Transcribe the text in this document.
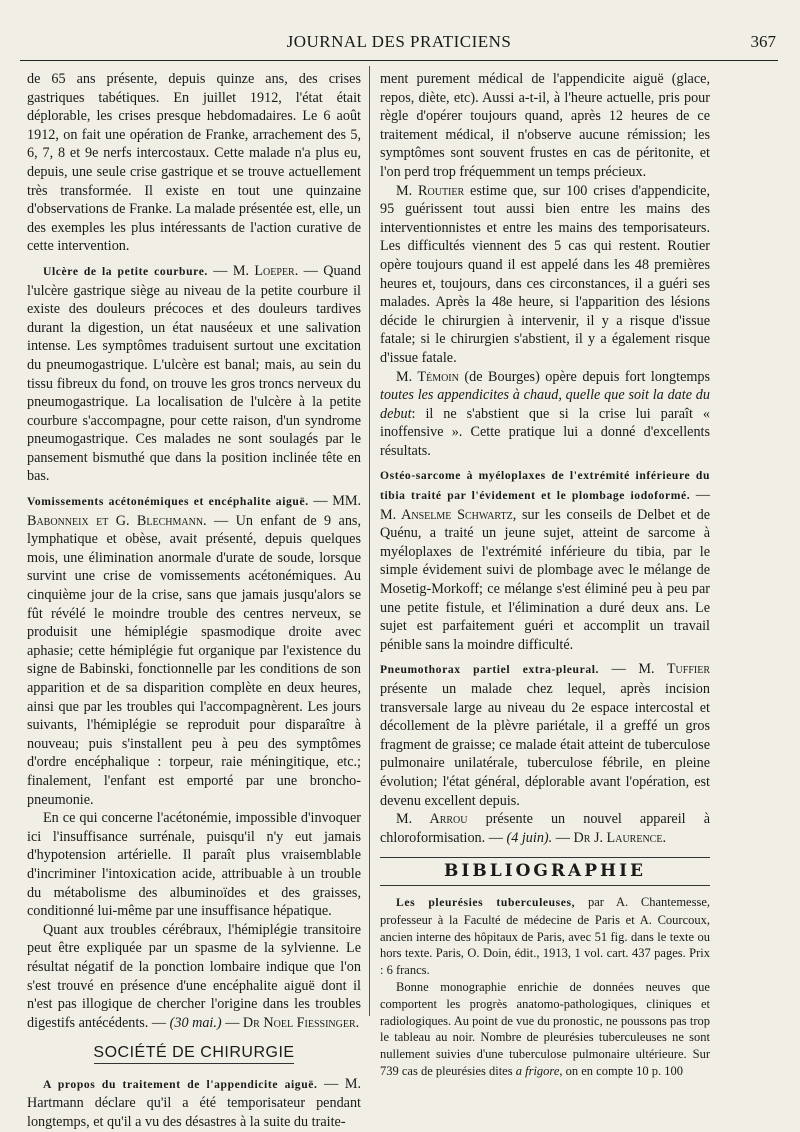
JOURNAL DES PRATICIENS	367

de 65 ans présente, depuis quinze ans, des crises gastriques tabétiques. En juillet 1912, l'état était déplorable, les crises presque hebdomadaires. Le 6 août 1912, on fait une opération de Franke, arrachement des 5, 6, 7, 8 et 9e nerfs intercostaux. Cette malade n'a plus eu, depuis, une seule crise gastrique et se trouve actuellement très transformée. Il existe en tout une quinzaine d'observations de Franke. La malade présentée est, elle, un des exemples les plus intéressants de l'action curative de cette intervention.

Ulcère de la petite courbure. — M. Loeper. — Quand l'ulcère gastrique siège au niveau de la petite courbure il existe des douleurs précoces et des douleurs tardives durant la digestion, un état nauséeux et une salivation intense. Les symptômes traduisent surtout une excitation du pneumogastrique. L'ulcère est banal; mais, au sein du tissu fibreux du fond, on trouve les gros troncs nerveux du pneumogastrique. La localisation de l'ulcère à la petite courbure s'accompagne, pour cette raison, d'un syndrome pneumogastrique. Ces malades ne sont soulagés par le pansement bismuthé que dans la position inclinée tête en bas.

Vomissements acétonémiques et encéphalite aiguë. — MM. Babonneix et G. Blechmann. — Un enfant de 9 ans, lymphatique et obèse, avait présenté, depuis quelques mois, une élimination anormale d'urate de soude, lorsque survint une crise de vomissements acétonémiques. Au cinquième jour de la crise, sans que jamais jusqu'alors se fût révélé le moindre trouble des centres nerveux, se produisit une hémiplégie spasmodique droite avec aphasie; cette hémiplégie fut organique par l'existence du signe de Babinski, fonctionnelle par les conditions de son apparition et de sa disparition complète en deux heures, ainsi que par les troubles qui l'accompagnèrent. Les jours suivants, l'hémiplégie se reproduit pour disparaître à nouveau; puis s'installent peu à peu des symptômes d'ordre encéphalique : torpeur, raie méningitique, etc.; finalement, l'enfant est emporté par une broncho-pneumonie.

En ce qui concerne l'acétonémie, impossible d'invoquer ici l'insuffisance surrénale, puisqu'il n'y eut jamais d'hypotension artérielle. Il paraît plus vraisemblable d'incriminer l'intoxication acide, attribuable à un trouble du métabolisme des albuminoïdes et des graisses, conditionné lui-même par une insuffisance hépatique.

Quant aux troubles cérébraux, l'hémiplégie transitoire peut être expliquée par un spasme de la sylvienne. Le résultat négatif de la ponction lombaire indique que l'on s'est trouvé en présence d'une encéphalite aiguë dont il n'est pas illogique de chercher l'origine dans les troubles digestifs antécédents. — (30 mai.) — Dr Noel Fiessinger.

SOCIÉTÉ DE CHIRURGIE

A propos du traitement de l'appendicite aiguë. — M. Hartmann déclare qu'il a été temporisateur pendant longtemps, et qu'il a vu des désastres à la suite du traite-

ment purement médical de l'appendicite aiguë (glace, repos, diète, etc). Aussi a-t-il, à l'heure actuelle, pris pour règle d'opérer toujours quand, après 12 heures de ce traitement médical, il n'observe aucune rémission; les symptômes sont souvent frustes en cas de péritonite, et l'on perd trop fréquemment un temps précieux.

M. Routier estime que, sur 100 crises d'appendicite, 95 guérissent tout aussi bien entre les mains des interventionnistes et entre les mains des temporisateurs. Les difficultés viennent des 5 cas qui restent. Routier opère toujours quand il est appelé dans les 48 premières heures et, toujours, dans ces circonstances, il a guéri ses malades. Après la 48e heure, si l'apparition des lésions décide le chirurgien à intervenir, il y a risque d'issue fatale; si le chirurgien s'abstient, il y a également risque d'issue fatale.

M. Témoin (de Bourges) opère depuis fort longtemps toutes les appendicites à chaud, quelle que soit la date du debut: il ne s'abstient que si la crise lui paraît « inoffensive ». Cette pratique lui a donné d'excellents résultats.

Ostéo-sarcome à myéloplaxes de l'extrémité inférieure du tibia traité par l'évidement et le plombage iodoformé. — M. Anselme Schwartz, sur les conseils de Delbet et de Quénu, a traité un jeune sujet, atteint de sarcome à myéloplaxes de l'extrémité inférieure du tibia, par le simple évidement suivi de plombage avec le mélange de Mosetig-Morkoff; ce mélange s'est éliminé peu à peu par une petite fistule, et l'élimination a duré deux ans. Le sujet est parfaitement guéri et accomplit un travail pénible sans la moindre difficulté.

Pneumothorax partiel extra-pleural. — M. Tuffier présente un malade chez lequel, après incision transversale large au niveau du 2e espace intercostal et décollement de la plèvre pariétale, il a greffé un gros fragment de graisse; ce malade était atteint de tuberculose pulmonaire unilatérale, tuberculose fébrile, en pleine évolution; l'état général, déplorable avant l'opération, est devenu excellent depuis.

M. Arrou présente un nouvel appareil à chloroformisation. — (4 juin). — Dr J. Laurence.

BIBLIOGRAPHIE

Les pleurésies tuberculeuses, par A. Chantemesse, professeur à la Faculté de médecine de Paris et A. Courcoux, ancien interne des hôpitaux de Paris, avec 51 fig. dans le texte ou hors texte. Paris, O. Doin, édit., 1913, 1 vol. cart. 437 pages. Prix : 6 francs.

Bonne monographie enrichie de données neuves que comportent les progrès anatomo-pathologiques, cliniques et radiologiques. Au point de vue du pronostic, ne poussons pas trop le tableau au noir. Nombre de pleurésies tuberculeuses ne sont nullement suivies d'une tuberculose pulmonaire ultérieure. Sur 739 cas de pleurésies dites a frigore, on en compte 10 p. 100
